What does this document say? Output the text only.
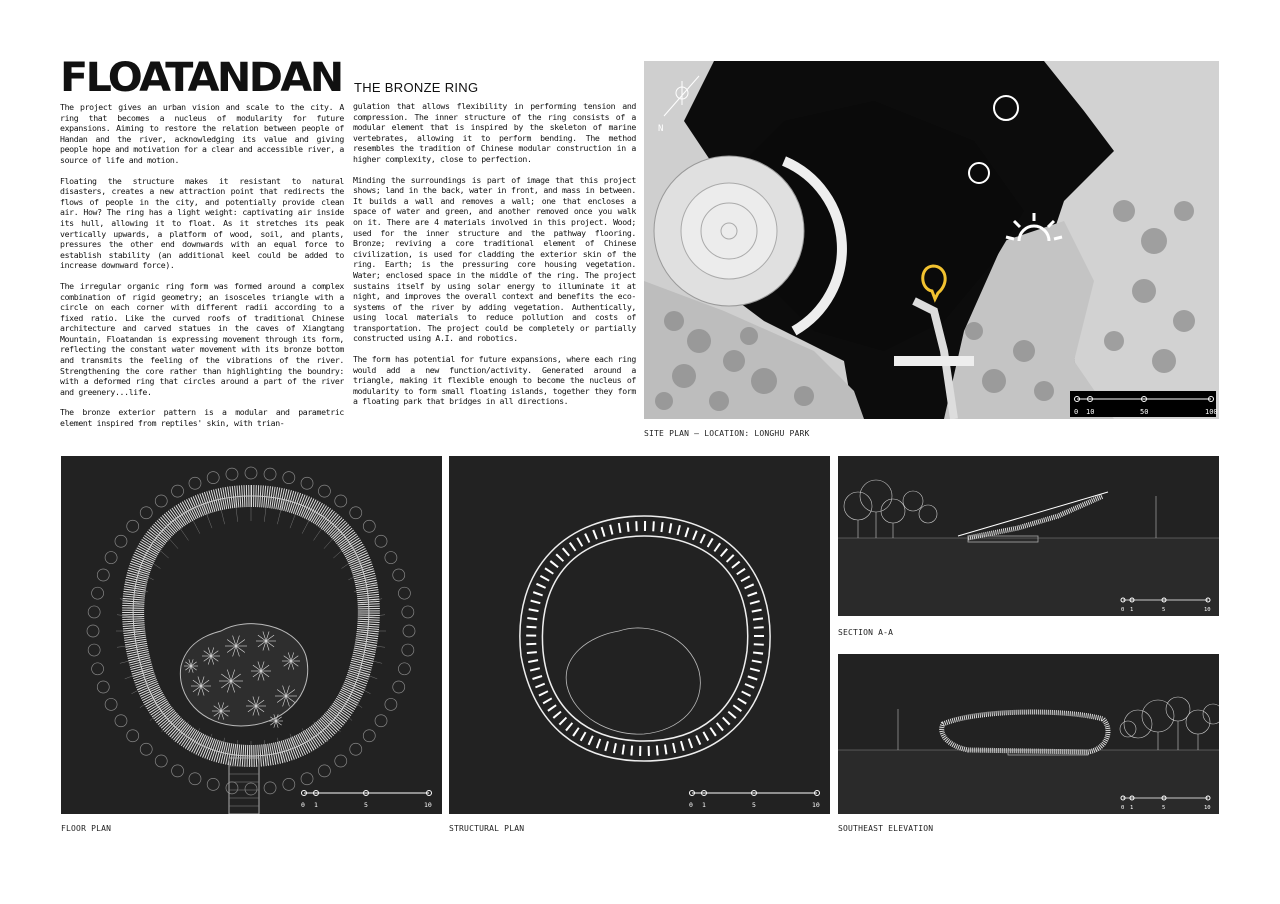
FLOATANDAN THE BRONZE RING

The project gives an urban vision and scale to the city. A ring that becomes a nucleus of modularity for future expansions. Aiming to restore the relation between people of Handan and the river, acknowledging its value and giving people hope and motivation for a clear and accessible river, a source of life and motion.

Floating the structure makes it resistant to natural disasters, creates a new attraction point that redirects the flows of people in the city, and potentially provide clean air. How? The ring has a light weight: captivating air inside its hull, allowing it to float. As it stretches its peak vertically upwards, a platform of wood, soil, and plants, pressures the other end downwards with an equal force to establish stability (an additional keel could be added to increase downward force).

The irregular organic ring form was formed around a complex combination of rigid geometry; an isosceles triangle with a circle on each corner with different radii according to a fixed ratio. Like the curved roofs of traditional Chinese architecture and carved statues in the caves of Xiangtang Mountain, Floatandan is expressing movement through its form, reflecting the constant water movement with its bronze bottom and transmits the feeling of the vibrations of the river. Strengthening the core rather than highlighting the boundry: with a deformed ring that circles around a part of the river and greenery...life.

The bronze exterior pattern is a modular and parametric element inspired from reptiles' skin, with trian-

gulation that allows flexibility in performing tension and compression. The inner structure of the ring consists of a modular element that is inspired by the skeleton of marine vertebrates, allowing it to perform bending. The method resembles the tradition of Chinese modular construction in a higher complexity, close to perfection.

Minding the surroundings is part of image that this project shows; land in the back, water in front, and mass in between. It builds a wall and removes a wall; one that encloses a space of water and green, and another removed once you walk on it. There are 4 materials involved in this project. Wood; used for the inner structure and the pathway flooring. Bronze; reviving a core traditional element of Chinese civilization, is used for cladding the exterior skin of the ring. Earth; is the pressuring core housing vegetation. Water; enclosed space in the middle of the ring. The project sustains itself by using solar energy to illuminate it at night, and improves the overall context and benefits the eco-systems of the river by adding vegetation. Authentically, using local materials to reduce pollution and costs of transportation. The project could be completely or partially constructed using A.I. and robotics.

The form has potential for future expansions, where each ring would add a new function/activity. Generated around a triangle, making it flexible enough to become the nucleus of modularity to form small floating islands, together they form a floating park that bridges in all directions.

N
0 10	50	100
SITE PLAN – LOCATION: LONGHU PARK
0 1	5	10
FLOOR PLAN
0 1	5	10
STRUCTURAL PLAN
0 1	5	10
SECTION A-A
0 1	5	10
SOUTHEAST ELEVATION
